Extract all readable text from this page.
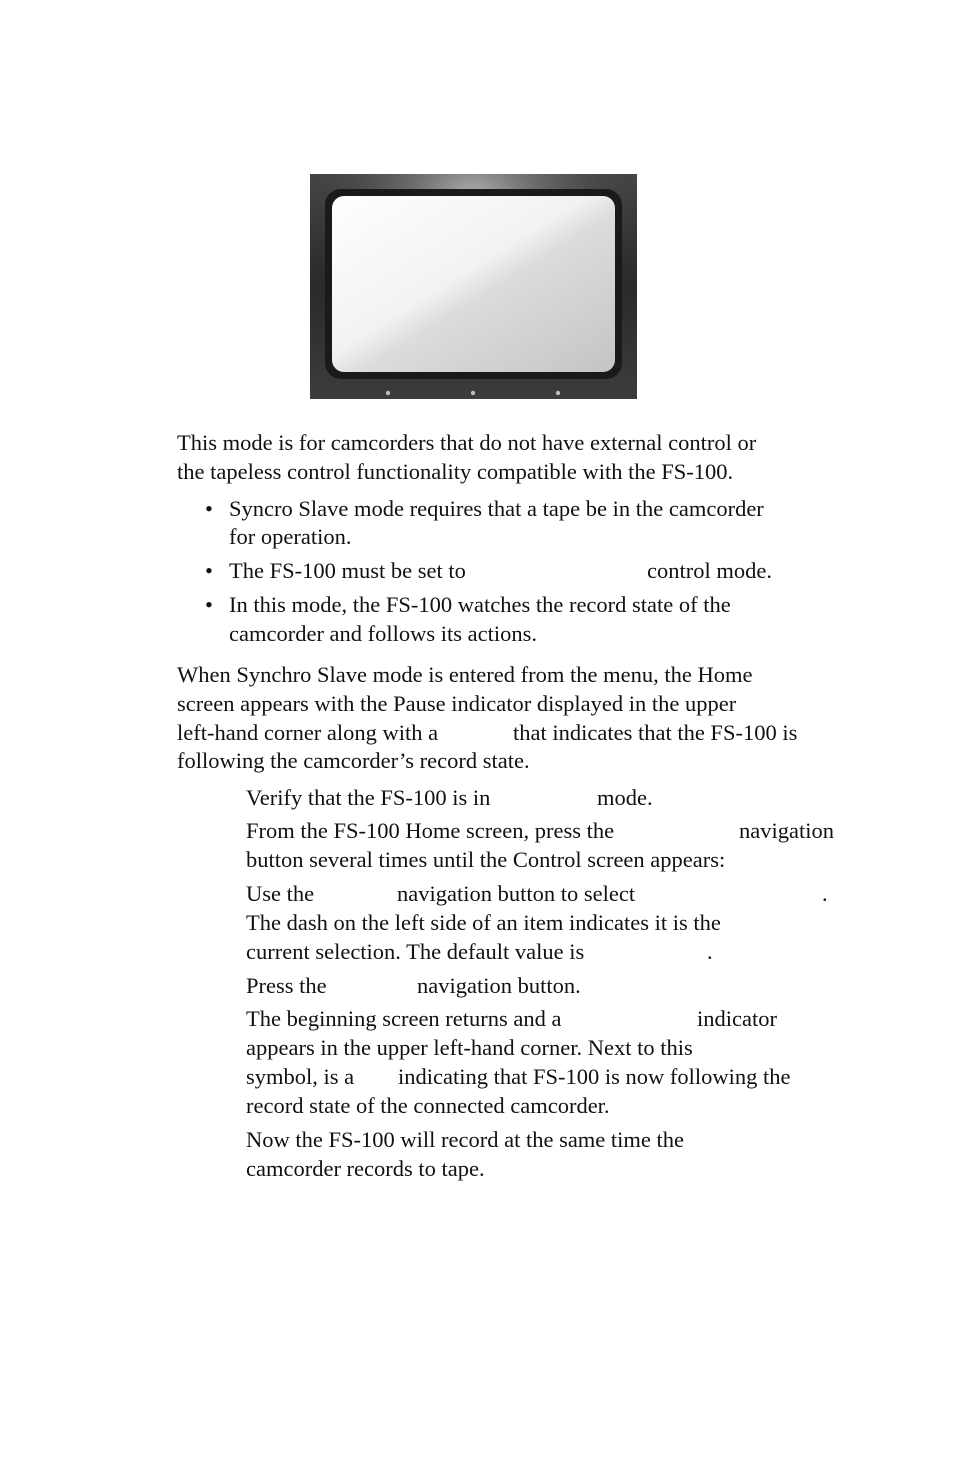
This mode is for camcorders that do not have external control or

the tapeless control functionality compatible with the FS-100.

• Syncro Slave mode requires that a tape be in the camcorder

for operation.

• The FS-100 must be set to	control mode.

• In this mode, the FS-100 watches the record state of the

camcorder and follows its actions.

When Synchro Slave mode is entered from the menu, the Home

screen appears with the Pause indicator displayed in the upper

left-hand corner along with a	that indicates that the FS-100 is

following the camcorder’s record state.

Verify that the FS-100 is in	mode.

From the FS-100 Home screen, press the	navigation

button several times until the Control screen appears:

Use the	navigation button to select	.

The dash on the left side of an item indicates it is the

current selection. The default value is	.

Press the	navigation button.

The beginning screen returns and a	indicator

appears in the upper left-hand corner. Next to this

symbol, is a indicating that FS-100 is now following the

record state of the connected camcorder.

Now the FS-100 will record at the same time the

camcorder records to tape.
